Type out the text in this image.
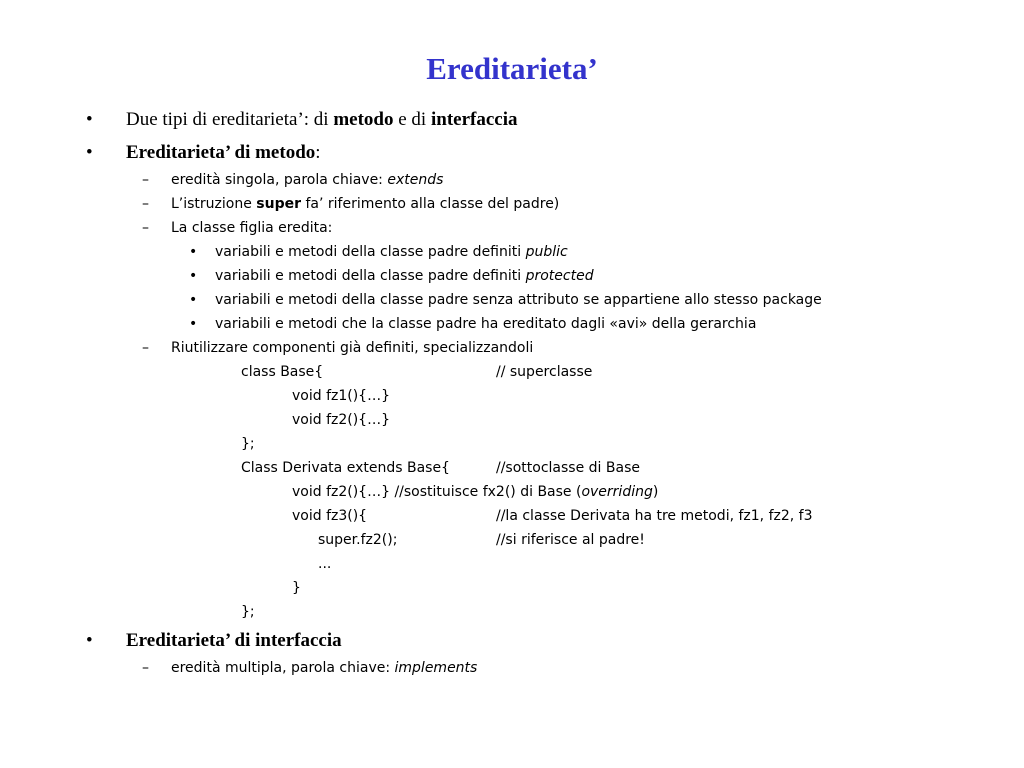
Ereditarieta’
• Due tipi di ereditarieta’: di metodo e di interfaccia
• Ereditarieta’ di metodo:
– eredità singola, parola chiave: extends
– L’istruzione super fa’ riferimento alla classe del padre)
– La classe figlia eredita:
• variabili e metodi della classe padre definiti public
• variabili e metodi della classe padre definiti protected
• variabili e metodi della classe padre senza attributo se appartiene allo stesso package
• variabili e metodi che la classe padre ha ereditato dagli «avi» della gerarchia
– Riutilizzare componenti già definiti, specializzandoli
class Base{	// superclasse
void fz1(){…}
void fz2(){…}
};
Class Derivata extends Base{	//sottoclasse di Base
void fz2(){…} //sostituisce fx2() di Base (overriding)
void fz3(){	//la classe Derivata ha tre metodi, fz1, fz2, f3
super.fz2();	//si riferisce al padre!
...
}
};
• Ereditarieta’ di interfaccia
– eredità multipla, parola chiave: implements
